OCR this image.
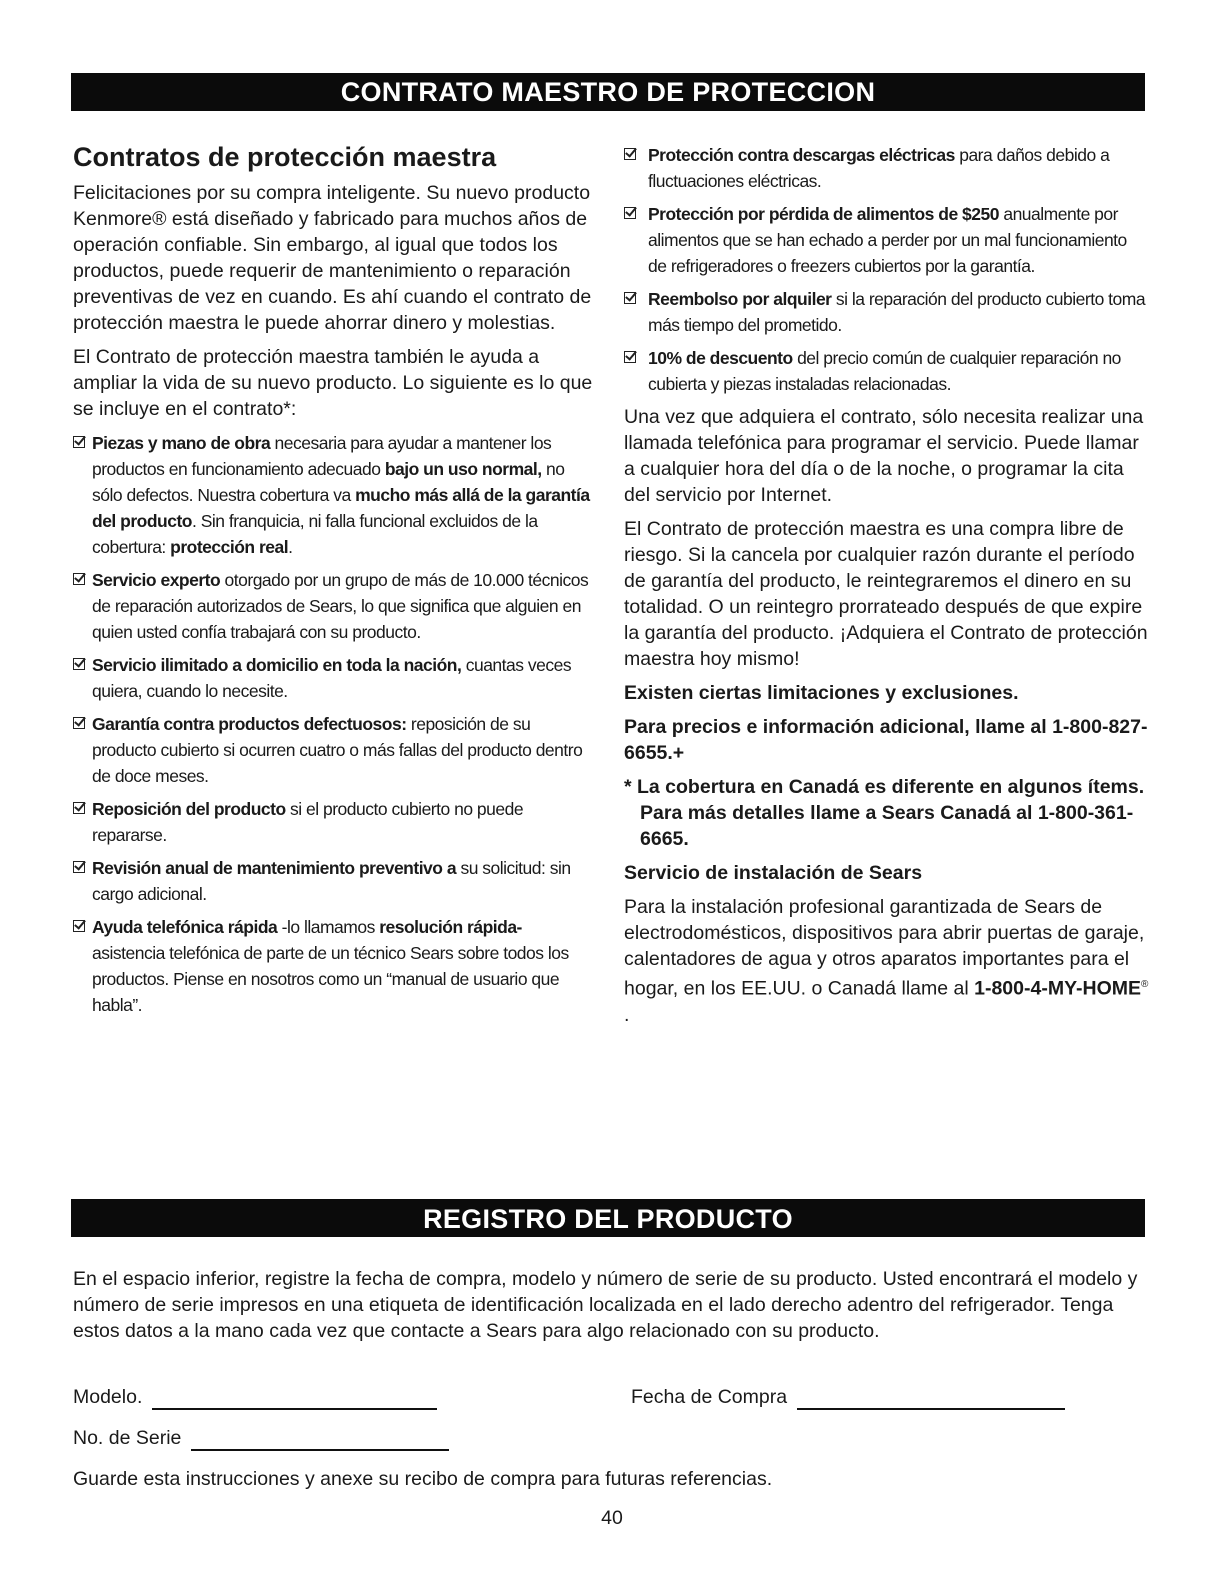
CONTRATO MAESTRO DE PROTECCION
Contratos de protección maestra

Felicitaciones por su compra inteligente. Su nuevo producto Kenmore® está diseñado y fabricado para muchos años de operación confiable. Sin embargo, al igual que todos los productos, puede requerir de mantenimiento o reparación preventivas de vez en cuando. Es ahí cuando el contrato de protección maestra le puede ahorrar dinero y molestias.

El Contrato de protección maestra también le ayuda a ampliar la vida de su nuevo producto. Lo siguiente es lo que se incluye en el contrato*:

Piezas y mano de obra necesaria para ayudar a mantener los productos en funcionamiento adecuado bajo un uso normal, no sólo defectos. Nuestra cobertura va mucho más allá de la garantía del producto. Sin franquicia, ni falla funcional excluidos de la cobertura: protección real.
Servicio experto otorgado por un grupo de más de 10.000 técnicos de reparación autorizados de Sears, lo que significa que alguien en quien usted confía trabajará con su producto.
Servicio ilimitado a domicilio en toda la nación, cuantas veces quiera, cuando lo necesite.
Garantía contra productos defectuosos: reposición de su producto cubierto si ocurren cuatro o más fallas del producto dentro de doce meses.
Reposición del producto si el producto cubierto no puede repararse.
Revisión anual de mantenimiento preventivo a su solicitud: sin cargo adicional.
Ayuda telefónica rápida -lo llamamos resolución rápida- asistencia telefónica de parte de un técnico Sears sobre todos los productos. Piense en nosotros como un “manual de usuario que habla”.
Protección contra descargas eléctricas para daños debido a fluctuaciones eléctricas.
Protección por pérdida de alimentos de $250 anualmente por alimentos que se han echado a perder por un mal funcionamiento de refrigeradores o freezers cubiertos por la garantía.
Reembolso por alquiler si la reparación del producto cubierto toma más tiempo del prometido.
10% de descuento del precio común de cualquier reparación no cubierta y piezas instaladas relacionadas.

Una vez que adquiera el contrato, sólo necesita realizar una llamada telefónica para programar el servicio. Puede llamar a cualquier hora del día o de la noche, o programar la cita del servicio por Internet.

El Contrato de protección maestra es una compra libre de riesgo. Si la cancela por cualquier razón durante el período de garantía del producto, le reintegraremos el dinero en su totalidad. O un reintegro prorrateado después de que expire la garantía del producto. ¡Adquiera el Contrato de protección maestra hoy mismo!

Existen ciertas limitaciones y exclusiones.

Para precios e información adicional, llame al 1-800-827-6655.+

* La cobertura en Canadá es diferente en algunos ítems. Para más detalles llame a Sears Canadá al 1-800-361-6665.

Servicio de instalación de Sears

Para la instalación profesional garantizada de Sears de electrodomésticos, dispositivos para abrir puertas de garaje, calentadores de agua y otros aparatos importantes para el hogar, en los EE.UU. o Canadá llame al 1-800-4-MY-HOME® .

REGISTRO DEL PRODUCTO

En el espacio inferior, registre la fecha de compra, modelo y número de serie de su producto. Usted encontrará el modelo y número de serie impresos en una etiqueta de identificación localizada en el lado derecho adentro del refrigerador. Tenga estos datos a la mano cada vez que contacte a Sears para algo relacionado con su producto.

Modelo.	Fecha de Compra
No. de Serie

Guarde esta instrucciones y anexe su recibo de compra para futuras referencias.

40
